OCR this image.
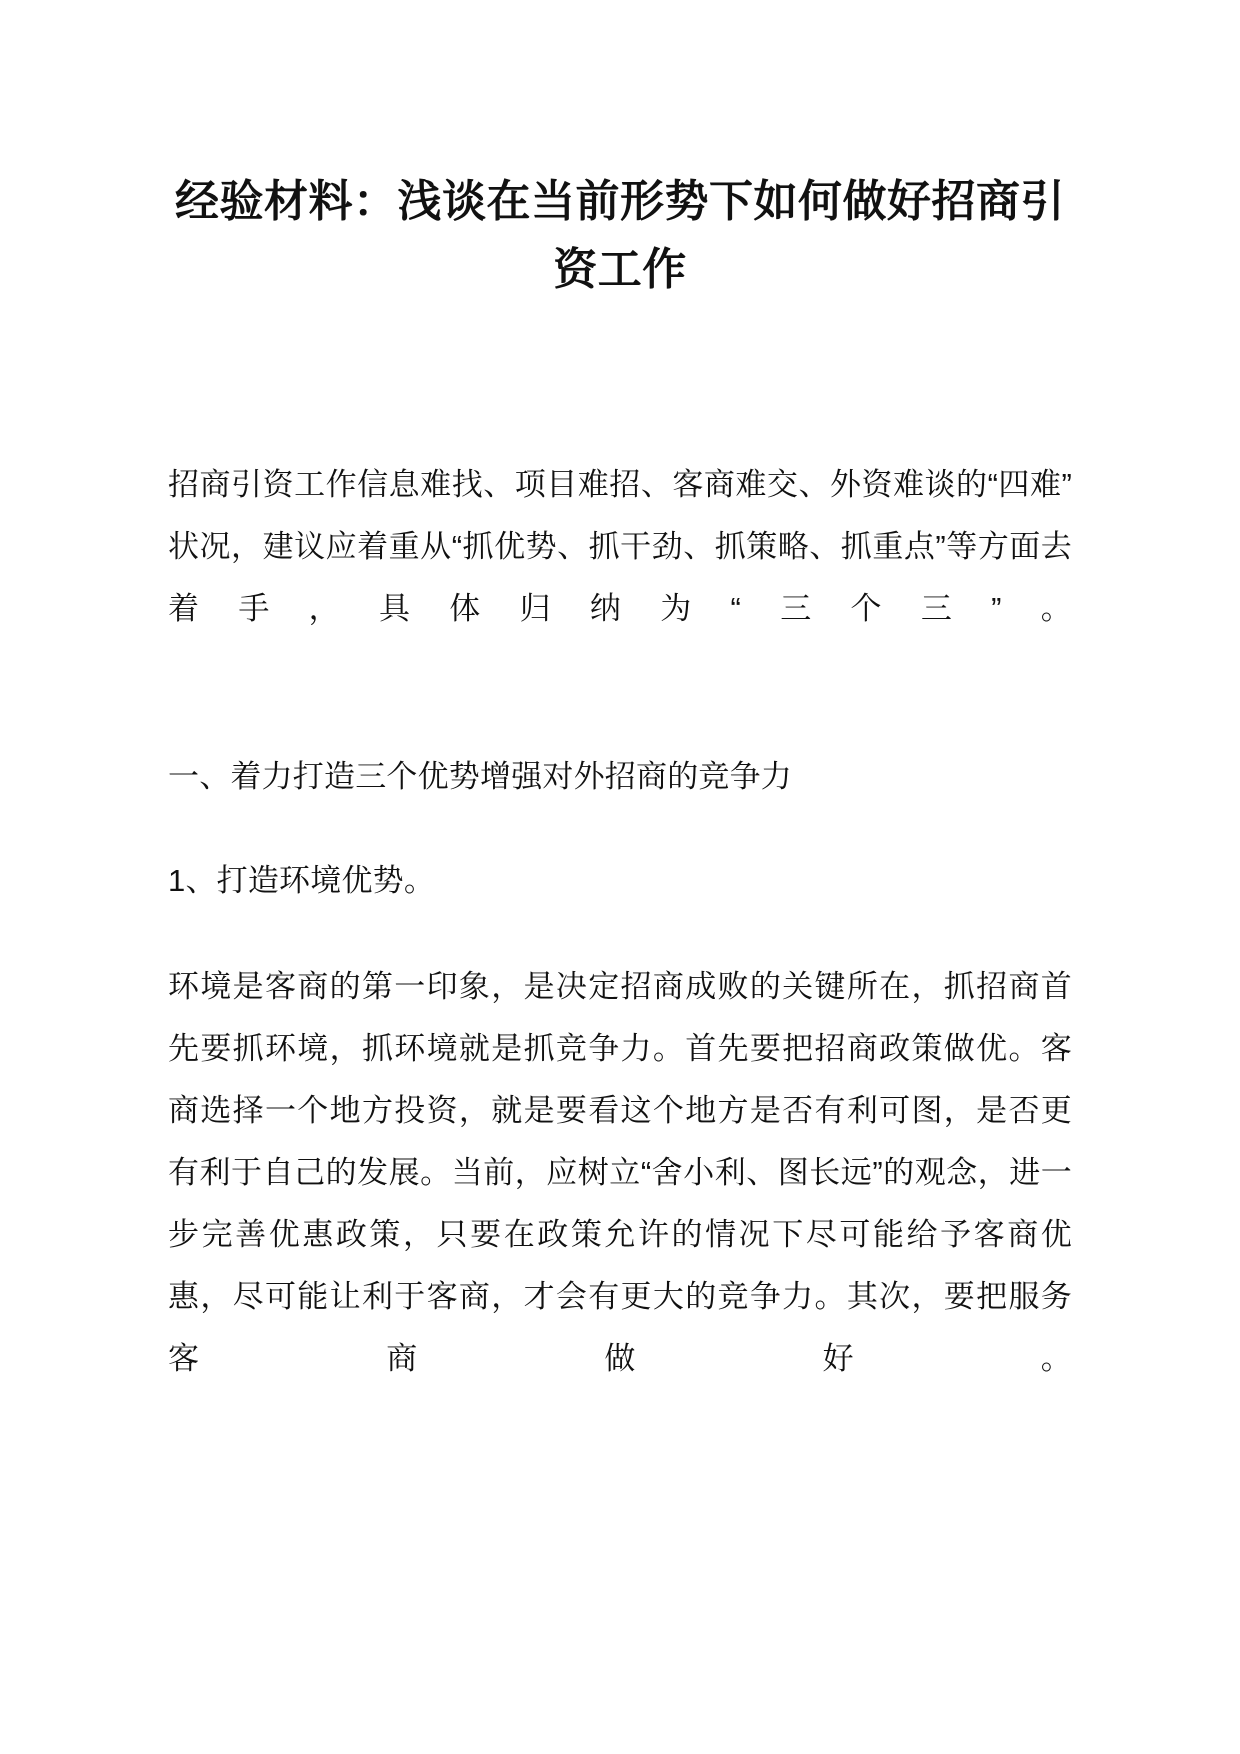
经验材料：浅谈在当前形势下如何做好招商引资工作

招商引资工作信息难找、项目难招、客商难交、外资难谈的“四难”状况，建议应着重从“抓优势、抓干劲、抓策略、抓重点”等方面去着手，具体归纳为“三个三”。

一、着力打造三个优势增强对外招商的竞争力

1、打造环境优势。

环境是客商的第一印象，是决定招商成败的关键所在，抓招商首先要抓环境，抓环境就是抓竞争力。首先要把招商政策做优。客商选择一个地方投资，就是要看这个地方是否有利可图，是否更有利于自己的发展。当前，应树立“舍小利、图长远”的观念，进一步完善优惠政策，只要在政策允许的情况下尽可能给予客商优惠，尽可能让利于客商，才会有更大的竞争力。其次，要把服务客商做好。
